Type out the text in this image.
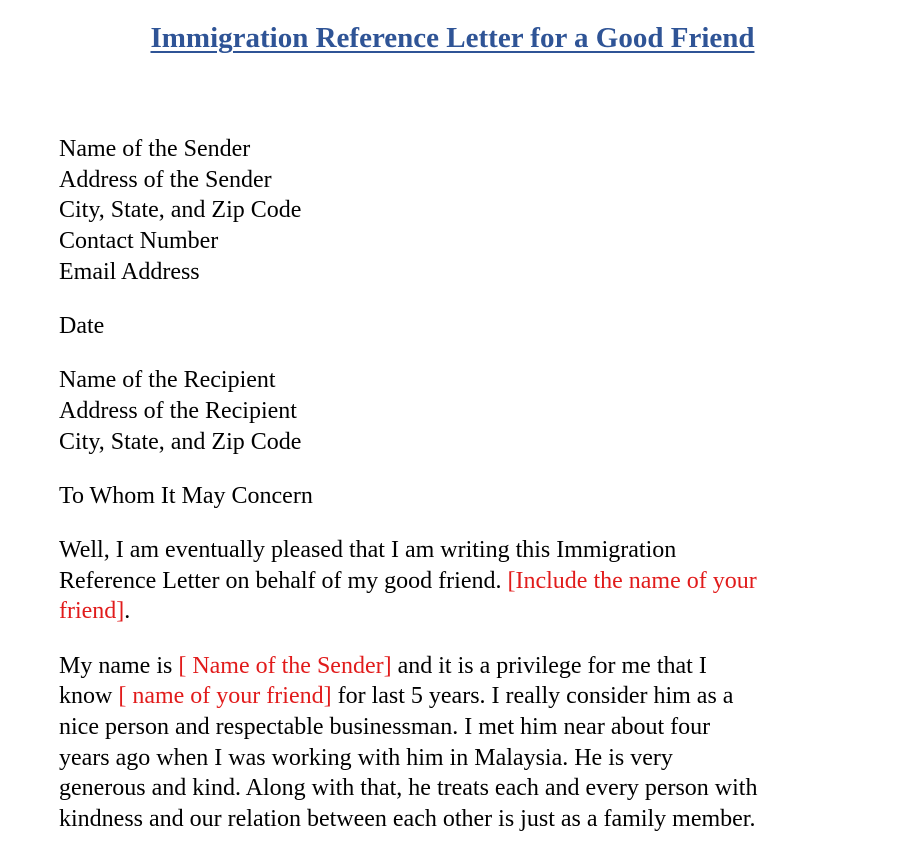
Immigration Reference Letter for a Good Friend

Name of the Sender
Address of the Sender
City, State, and Zip Code
Contact Number
Email Address

Date

Name of the Recipient
Address of the Recipient
City, State, and Zip Code

To Whom It May Concern

Well, I am eventually pleased that I am writing this Immigration
Reference Letter on behalf of my good friend. [Include the name of your
friend].

My name is [ Name of the Sender] and it is a privilege for me that I
know [ name of your friend] for last 5 years. I really consider him as a
nice person and respectable businessman. I met him near about four
years ago when I was working with him in Malaysia. He is very
generous and kind. Along with that, he treats each and every person with
kindness and our relation between each other is just as a family member.
